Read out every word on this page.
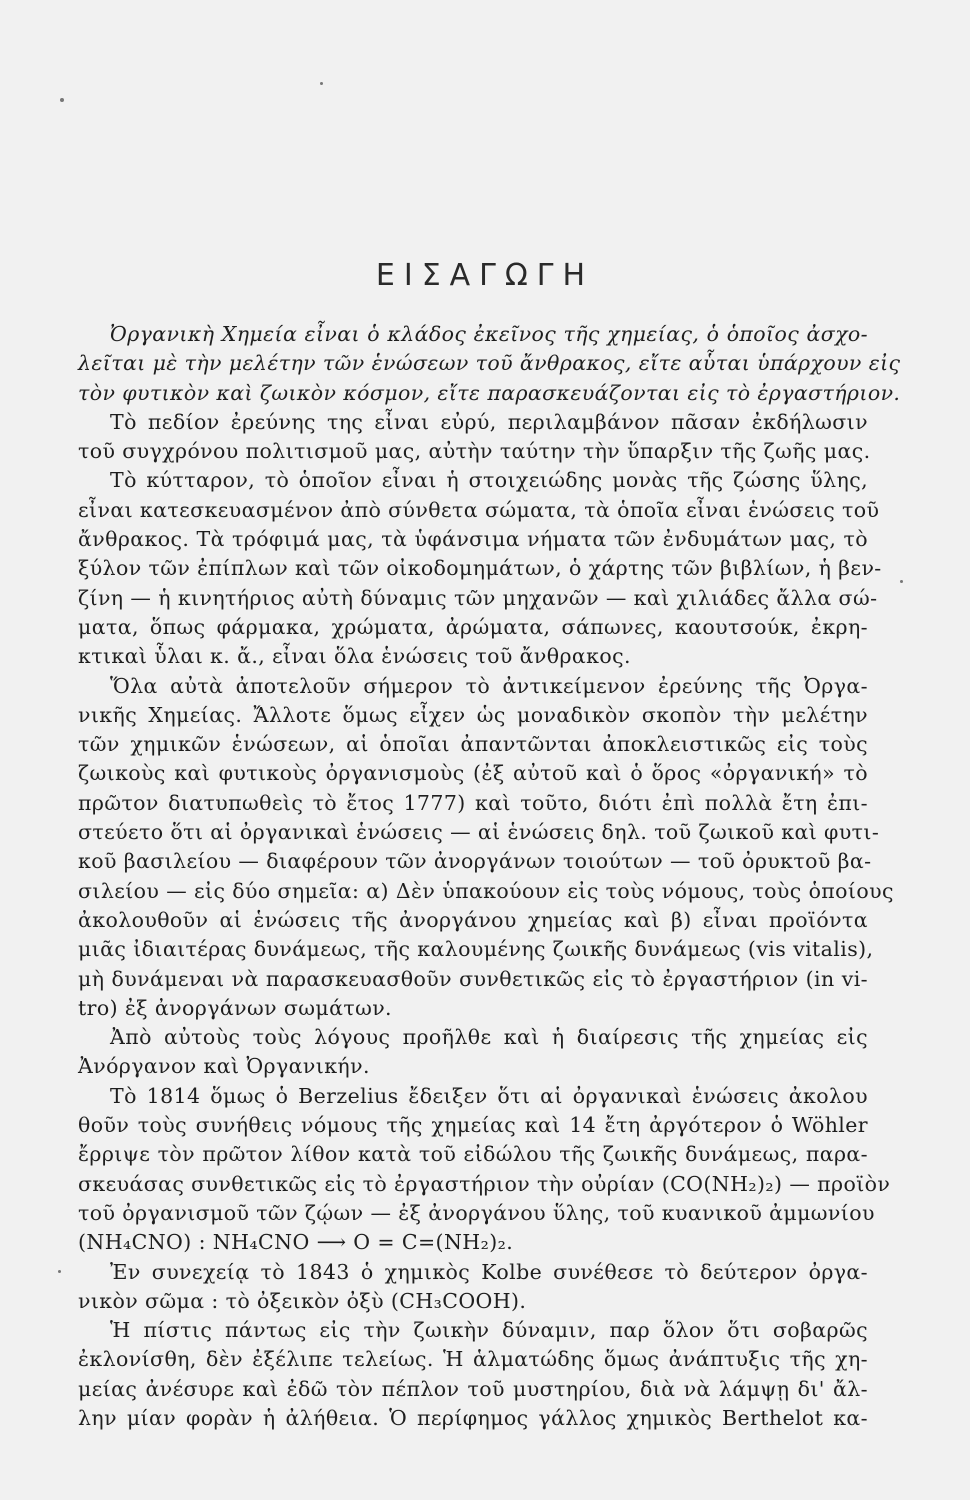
ΕΙΣΑΓΩΓΗ
Ὀργανικὴ Χημεία εἶναι ὁ κλάδος ἐκεῖνος τῆς χημείας, ὁ ὁποῖος ἀσχο-
λεῖται μὲ τὴν μελέτην τῶν ἑνώσεων τοῦ ἄνθρακος, εἴτε αὗται ὑπάρχουν εἰς
τὸν φυτικὸν καὶ ζωικὸν κόσμον, εἴτε παρασκευάζονται εἰς τὸ ἐργαστήριον.
Τὸ πεδίον ἐρεύνης της εἶναι εὐρύ, περιλαμβάνον πᾶσαν ἐκδήλωσιν
τοῦ συγχρόνου πολιτισμοῦ μας, αὐτὴν ταύτην τὴν ὕπαρξιν τῆς ζωῆς μας.
Τὸ κύτταρον, τὸ ὁποῖον εἶναι ἡ στοιχειώδης μονὰς τῆς ζώσης ὕλης,
εἶναι κατεσκευασμένον ἀπὸ σύνθετα σώματα, τὰ ὁποῖα εἶναι ἑνώσεις τοῦ
ἄνθρακος. Τὰ τρόφιμά μας, τὰ ὑφάνσιμα νήματα τῶν ἐνδυμάτων μας, τὸ
ξύλον τῶν ἐπίπλων καὶ τῶν οἰκοδομημάτων, ὁ χάρτης τῶν βιβλίων, ἡ βεν-
ζίνη — ἡ κινητήριος αὐτὴ δύναμις τῶν μηχανῶν — καὶ χιλιάδες ἄλλα σώ-
ματα, ὅπως φάρμακα, χρώματα, ἀρώματα, σάπωνες, καουτσούκ, ἐκρη-
κτικαὶ ὗλαι κ. ἄ., εἶναι ὅλα ἑνώσεις τοῦ ἄνθρακος.
Ὅλα αὐτὰ ἀποτελοῦν σήμερον τὸ ἀντικείμενον ἐρεύνης τῆς Ὀργα-
νικῆς Χημείας. Ἄλλοτε ὅμως εἶχεν ὡς μοναδικὸν σκοπὸν τὴν μελέτην
τῶν χημικῶν ἑνώσεων, αἱ ὁποῖαι ἀπαντῶνται ἀποκλειστικῶς εἰς τοὺς
ζωικοὺς καὶ φυτικοὺς ὀργανισμοὺς (ἐξ αὐτοῦ καὶ ὁ ὅρος «ὀργανική» τὸ
πρῶτον διατυπωθεὶς τὸ ἔτος 1777) καὶ τοῦτο, διότι ἐπὶ πολλὰ ἔτη ἐπι-
στεύετο ὅτι αἱ ὀργανικαὶ ἑνώσεις — αἱ ἑνώσεις δηλ. τοῦ ζωικοῦ καὶ φυτι-
κοῦ βασιλείου — διαφέρουν τῶν ἀνοργάνων τοιούτων — τοῦ ὀρυκτοῦ βα-
σιλείου — εἰς δύο σημεῖα: α) Δὲν ὑπακούουν εἰς τοὺς νόμους, τοὺς ὁποίους
ἀκολουθοῦν αἱ ἑνώσεις τῆς ἀνοργάνου χημείας καὶ β) εἶναι προϊόντα
μιᾶς ἰδιαιτέρας δυνάμεως, τῆς καλουμένης ζωικῆς δυνάμεως (vis vitalis),
μὴ δυνάμεναι νὰ παρασκευασθοῦν συνθετικῶς εἰς τὸ ἐργαστήριον (in vi-
tro) ἐξ ἀνοργάνων σωμάτων.
Ἀπὸ αὐτοὺς τοὺς λόγους προῆλθε καὶ ἡ διαίρεσις τῆς χημείας εἰς
Ἀνόργανον καὶ Ὀργανικήν.
Τὸ 1814 ὅμως ὁ Berzelius ἔδειξεν ὅτι αἱ ὀργανικαὶ ἑνώσεις ἀκολου
θοῦν τοὺς συνήθεις νόμους τῆς χημείας καὶ 14 ἔτη ἀργότερον ὁ Wöhler
ἔρριψε τὸν πρῶτον λίθον κατὰ τοῦ εἰδώλου τῆς ζωικῆς δυνάμεως, παρα-
σκευάσας συνθετικῶς εἰς τὸ ἐργαστήριον τὴν οὐρίαν (CO(NH₂)₂) — προϊὸν
τοῦ ὀργανισμοῦ τῶν ζῴων — ἐξ ἀνοργάνου ὕλης, τοῦ κυανικοῦ ἀμμωνίου
(NH₄CNO) : NH₄CNO ⟶ O = C=(NH₂)₂.
Ἐν συνεχείᾳ τὸ 1843 ὁ χημικὸς Kolbe συνέθεσε τὸ δεύτερον ὀργα-
νικὸν σῶμα : τὸ ὀξεικὸν ὀξὺ (CH₃COOH).
Ἡ πίστις πάντως εἰς τὴν ζωικὴν δύναμιν, παρ ὅλον ὅτι σοβαρῶς
ἐκλονίσθη, δὲν ἐξέλιπε τελείως. Ἡ ἁλματώδης ὅμως ἀνάπτυξις τῆς χη-
μείας ἀνέσυρε καὶ ἐδῶ τὸν πέπλον τοῦ μυστηρίου, διὰ νὰ λάμψῃ δι' ἄλ-
λην μίαν φορὰν ἡ ἀλήθεια. Ὁ περίφημος γάλλος χημικὸς Berthelot κα-
